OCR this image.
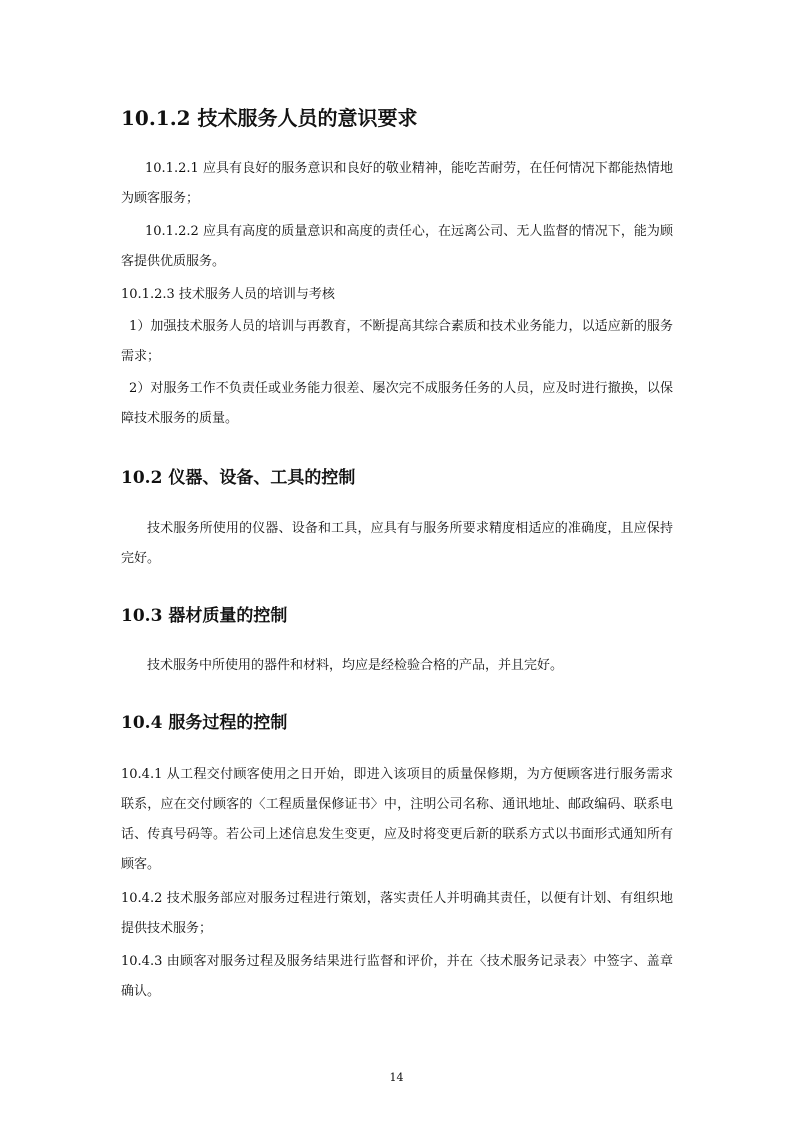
10.1.2 技术服务人员的意识要求

10.1.2.1 应具有良好的服务意识和良好的敬业精神，能吃苦耐劳，在任何情况下都能热情地为顾客服务；

10.1.2.2 应具有高度的质量意识和高度的责任心，在远离公司、无人监督的情况下，能为顾客提供优质服务。

10.1.2.3 技术服务人员的培训与考核

1）加强技术服务人员的培训与再教育，不断提高其综合素质和技术业务能力，以适应新的服务需求；

2）对服务工作不负责任或业务能力很差、屡次完不成服务任务的人员，应及时进行撤换，以保障技术服务的质量。

10.2 仪器、设备、工具的控制

技术服务所使用的仪器、设备和工具，应具有与服务所要求精度相适应的准确度，且应保持完好。

10.3 器材质量的控制

技术服务中所使用的器件和材料，均应是经检验合格的产品，并且完好。

10.4 服务过程的控制

10.4.1 从工程交付顾客使用之日开始，即进入该项目的质量保修期，为方便顾客进行服务需求联系，应在交付顾客的〈工程质量保修证书〉中，注明公司名称、通讯地址、邮政编码、联系电话、传真号码等。若公司上述信息发生变更，应及时将变更后新的联系方式以书面形式通知所有顾客。

10.4.2 技术服务部应对服务过程进行策划，落实责任人并明确其责任，以便有计划、有组织地提供技术服务；

10.4.3 由顾客对服务过程及服务结果进行监督和评价，并在〈技术服务记录表〉中签字、盖章确认。

14
